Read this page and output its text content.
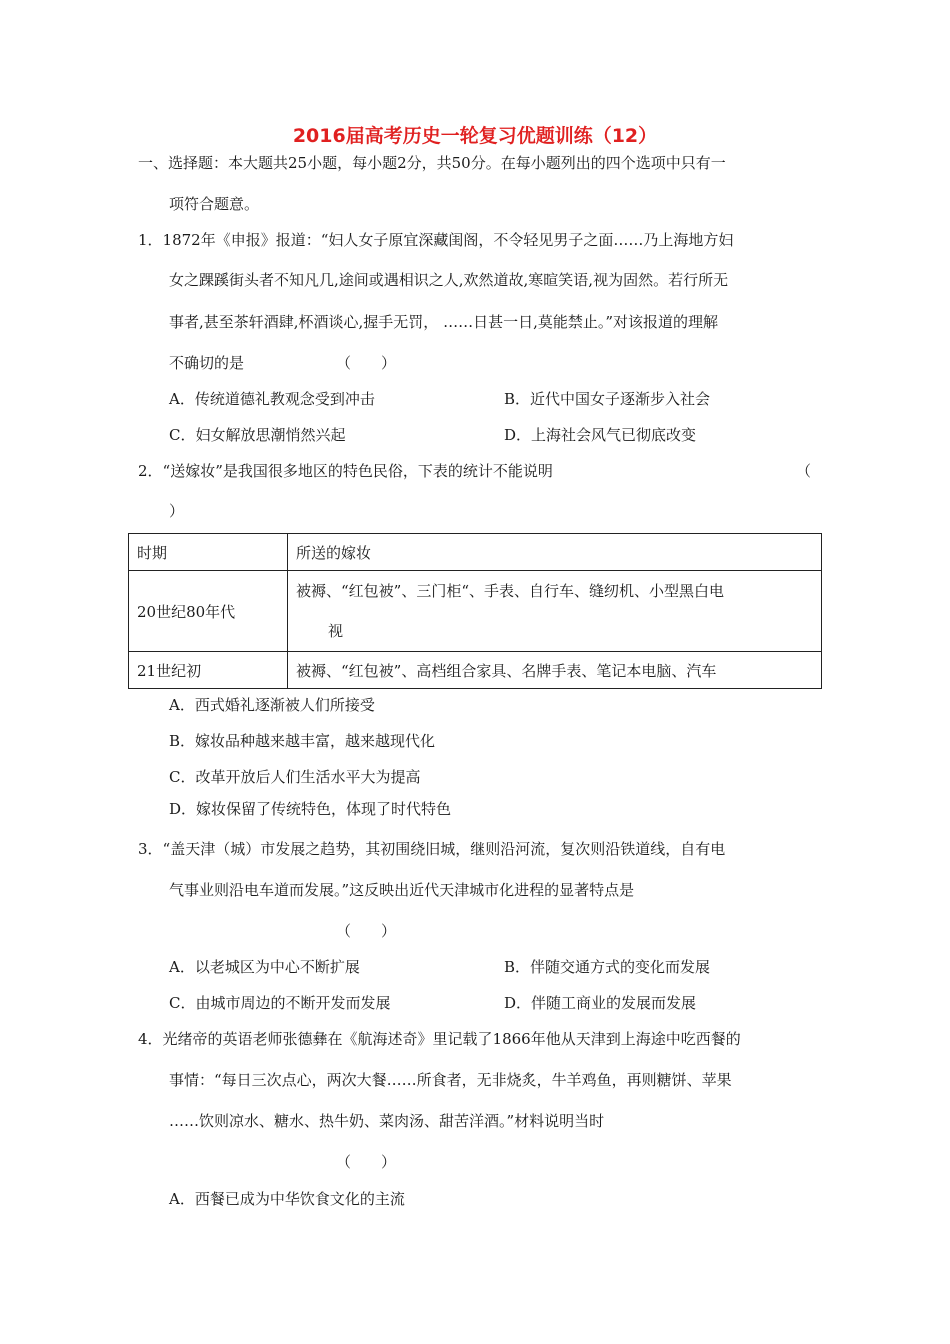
2016届高考历史一轮复习优题训练（12）
一、选择题：本大题共25小题，每小题2分，共50分。在每小题列出的四个选项中只有一
项符合题意。
1．1872年《申报》报道：“妇人女子原宜深藏闺阁，不令轻见男子之面……乃上海地方妇
女之踝蹊街头者不知凡几,途间或遇相识之人,欢然道故,寒暄笑语,视为固然。若行所无
事者,甚至茶轩酒肆,杯酒谈心,握手无罚， ……日甚一日,莫能禁止。”对该报道的理解
不确切的是	（　　）
A．传统道德礼教观念受到冲击	B．近代中国女子逐渐步入社会
C．妇女解放思潮悄然兴起	D．上海社会风气已彻底改变
2．“送嫁妆”是我国很多地区的特色民俗，下表的统计不能说明	（
）
时期	所送的嫁妆
20世纪80年代	被褥、“红包被”、三门柜“、手表、自行车、缝纫机、小型黑白电
视

21世纪初	被褥、“红包被”、高档组合家具、名牌手表、笔记本电脑、汽车
A．西式婚礼逐渐被人们所接受
B．嫁妆品种越来越丰富，越来越现代化
C．改革开放后人们生活水平大为提高
D．嫁妆保留了传统特色，体现了时代特色
3．“盖天津（城）市发展之趋势，其初围绕旧城，继则沿河流，复次则沿铁道线，自有电
气事业则沿电车道而发展。”这反映出近代天津城市化进程的显著特点是
（　　）
A．以老城区为中心不断扩展	B．伴随交通方式的变化而发展
C．由城市周边的不断开发而发展	D．伴随工商业的发展而发展
4．光绪帝的英语老师张德彝在《航海述奇》里记载了1866年他从天津到上海途中吃西餐的
事情：“每日三次点心，两次大餐……所食者，无非烧炙，牛羊鸡鱼，再则糖饼、苹果
……饮则凉水、糖水、热牛奶、菜肉汤、甜苦洋酒。”材料说明当时
（　　）
A．西餐已成为中华饮食文化的主流
